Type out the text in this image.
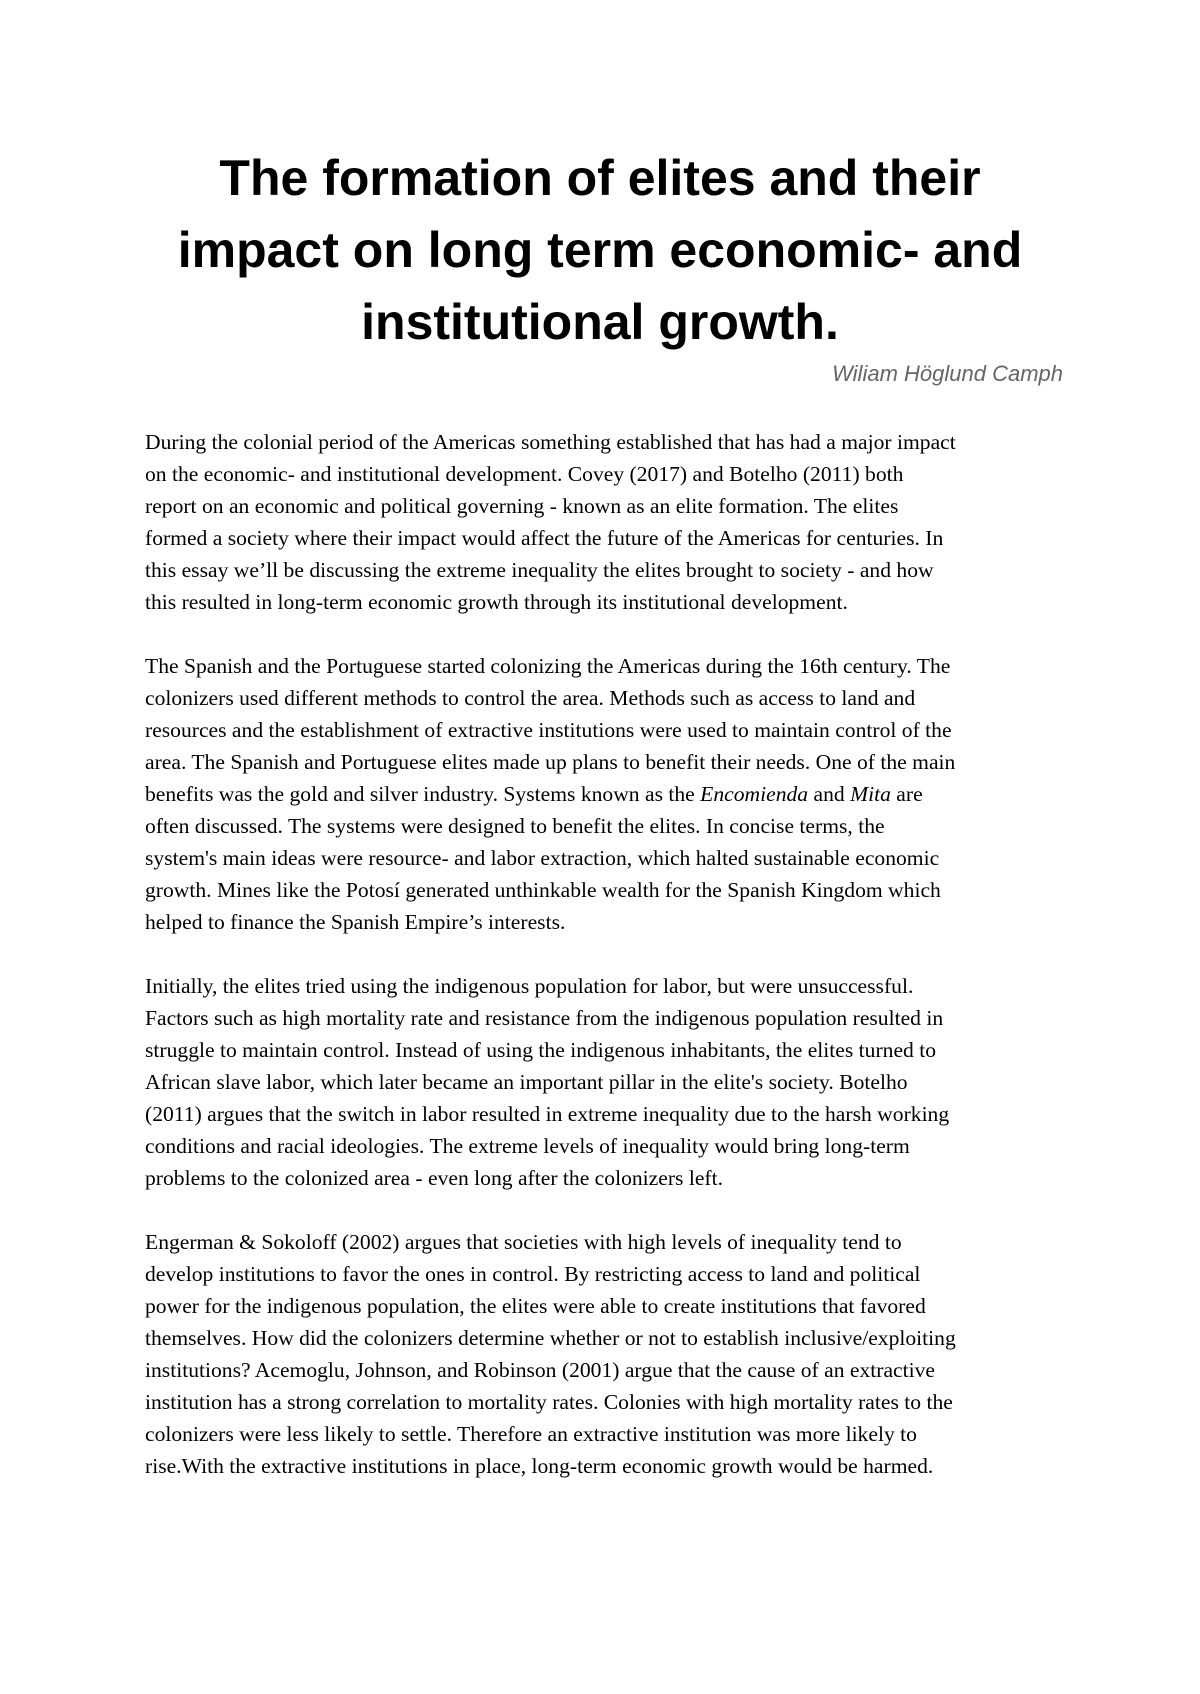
The formation of elites and their
impact on long term economic- and
institutional growth.

Wiliam Höglund Camph

During the colonial period of the Americas something established that has had a major impact
on the economic- and institutional development. Covey (2017) and Botelho (2011) both
report on an economic and political governing - known as an elite formation. The elites
formed a society where their impact would affect the future of the Americas for centuries. In
this essay we’ll be discussing the extreme inequality the elites brought to society - and how
this resulted in long-term economic growth through its institutional development.

The Spanish and the Portuguese started colonizing the Americas during the 16th century. The
colonizers used different methods to control the area. Methods such as access to land and
resources and the establishment of extractive institutions were used to maintain control of the
area. The Spanish and Portuguese elites made up plans to benefit their needs. One of the main
benefits was the gold and silver industry. Systems known as the Encomienda and Mita are
often discussed. The systems were designed to benefit the elites. In concise terms, the
system's main ideas were resource- and labor extraction, which halted sustainable economic
growth. Mines like the Potosí generated unthinkable wealth for the Spanish Kingdom which
helped to finance the Spanish Empire’s interests.

Initially, the elites tried using the indigenous population for labor, but were unsuccessful.
Factors such as high mortality rate and resistance from the indigenous population resulted in
struggle to maintain control. Instead of using the indigenous inhabitants, the elites turned to
African slave labor, which later became an important pillar in the elite's society. Botelho
(2011) argues that the switch in labor resulted in extreme inequality due to the harsh working
conditions and racial ideologies. The extreme levels of inequality would bring long-term
problems to the colonized area - even long after the colonizers left.

Engerman & Sokoloff (2002) argues that societies with high levels of inequality tend to
develop institutions to favor the ones in control. By restricting access to land and political
power for the indigenous population, the elites were able to create institutions that favored
themselves. How did the colonizers determine whether or not to establish inclusive/exploiting
institutions? Acemoglu, Johnson, and Robinson (2001) argue that the cause of an extractive
institution has a strong correlation to mortality rates. Colonies with high mortality rates to the
colonizers were less likely to settle. Therefore an extractive institution was more likely to
rise.With the extractive institutions in place, long-term economic growth would be harmed.
